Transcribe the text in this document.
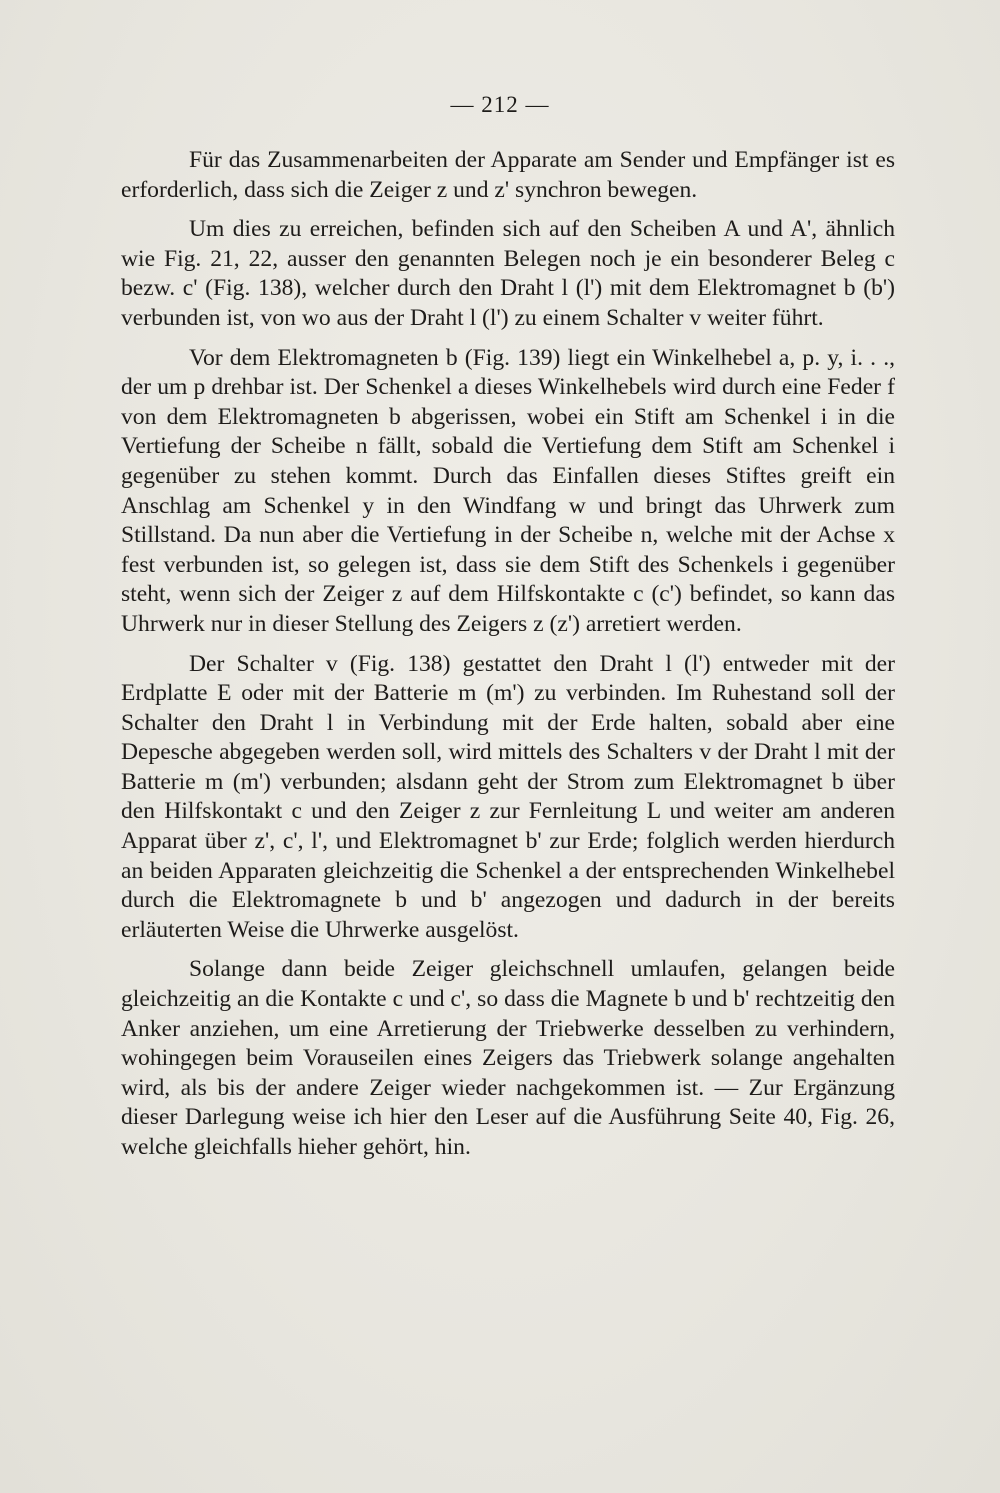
— 212 —

Für das Zusammenarbeiten der Apparate am Sender und Empfänger ist es erforderlich, dass sich die Zeiger z und z' synchron bewegen.

Um dies zu erreichen, befinden sich auf den Scheiben A und A', ähnlich wie Fig. 21, 22, ausser den genannten Belegen noch je ein besonderer Beleg c bezw. c' (Fig. 138), welcher durch den Draht l (l') mit dem Elektromagnet b (b') verbunden ist, von wo aus der Draht l (l') zu einem Schalter v weiter führt.

Vor dem Elektromagneten b (Fig. 139) liegt ein Winkelhebel a, p. y, i. . ., der um p drehbar ist. Der Schenkel a dieses Winkelhebels wird durch eine Feder f von dem Elektromagneten b abgerissen, wobei ein Stift am Schenkel i in die Vertiefung der Scheibe n fällt, sobald die Vertiefung dem Stift am Schenkel i gegenüber zu stehen kommt. Durch das Einfallen dieses Stiftes greift ein Anschlag am Schenkel y in den Windfang w und bringt das Uhrwerk zum Stillstand. Da nun aber die Vertiefung in der Scheibe n, welche mit der Achse x fest verbunden ist, so gelegen ist, dass sie dem Stift des Schenkels i gegenüber steht, wenn sich der Zeiger z auf dem Hilfskontakte c (c') befindet, so kann das Uhrwerk nur in dieser Stellung des Zeigers z (z') arretiert werden.

Der Schalter v (Fig. 138) gestattet den Draht l (l') entweder mit der Erdplatte E oder mit der Batterie m (m') zu verbinden. Im Ruhestand soll der Schalter den Draht l in Verbindung mit der Erde halten, sobald aber eine Depesche abgegeben werden soll, wird mittels des Schalters v der Draht l mit der Batterie m (m') verbunden; alsdann geht der Strom zum Elektromagnet b über den Hilfskontakt c und den Zeiger z zur Fernleitung L und weiter am anderen Apparat über z', c', l', und Elektromagnet b' zur Erde; folglich werden hierdurch an beiden Apparaten gleichzeitig die Schenkel a der entsprechenden Winkelhebel durch die Elektromagnete b und b' angezogen und dadurch in der bereits erläuterten Weise die Uhrwerke ausgelöst.

Solange dann beide Zeiger gleichschnell umlaufen, gelangen beide gleichzeitig an die Kontakte c und c', so dass die Magnete b und b' rechtzeitig den Anker anziehen, um eine Arretierung der Triebwerke desselben zu verhindern, wohingegen beim Vorauseilen eines Zeigers das Triebwerk solange angehalten wird, als bis der andere Zeiger wieder nachgekommen ist. — Zur Ergänzung dieser Darlegung weise ich hier den Leser auf die Ausführung Seite 40, Fig. 26, welche gleichfalls hieher gehört, hin.
